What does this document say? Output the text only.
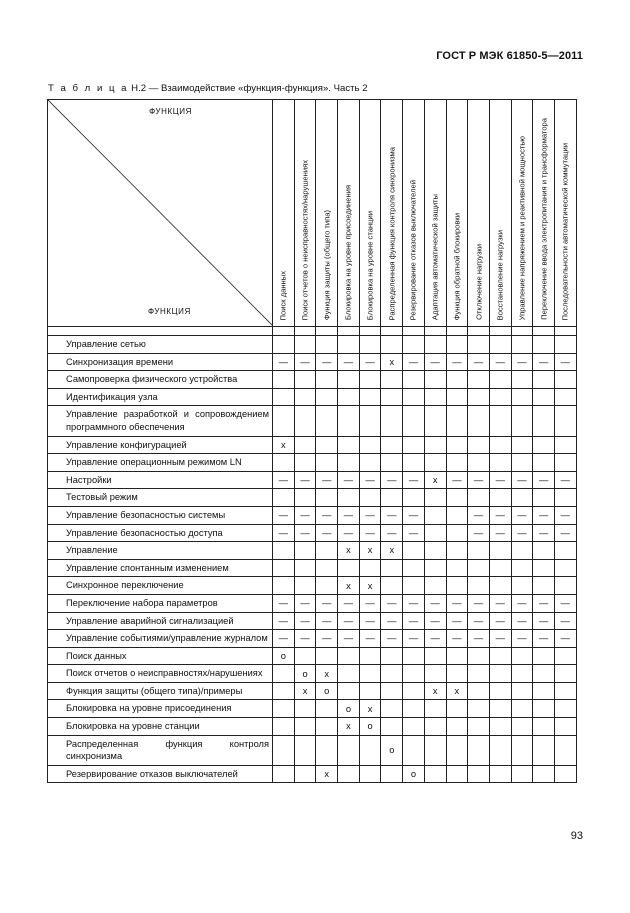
ГОСТ Р МЭК 61850-5—2011
Т а б л и ц а Н.2 — Взаимодействие «функция-функция». Часть 2
ФУНКЦИЯ
ФУНКЦИЯ	Поиск данных	Поиск отчетов о неисправностях/нарушениях	Функция защиты (общего типа)	Блокировка на уровне присоединения	Блокировка на уровне станции	Распределенная функция контроля синхронизма	Резервирование отказов выключателей	Адаптация автоматической защиты	Функция обратной блокировки	Отключение нагрузки	Восстановление нагрузки	Управление напряжением и реактивной мощностью	Переключение ввода электропитания и трансформатора	Последовательности автоматической коммутации

Управление сетью														
Синхронизация времени	—	—	—	—	—	x	—	—	—	—	—	—	—	—
Самопроверка физического устройства														
Идентификация узла														
Управление разработкой и сопровождением программного обеспечения														
Управление конфигурацией	x													
Управление операционным режимом LN														
Настройки	—	—	—	—	—	—	—	x	—	—	—	—	—	—
Тестовый режим														
Управление безопасностью системы	—	—	—	—	—	—	—			—	—	—	—	—
Управление безопасностью доступа	—	—	—	—	—	—	—			—	—	—	—	—
Управление				x	x	x								
Управление спонтанным изменением														
Синхронное переключение				x	x									
Переключение набора параметров	—	—	—	—	—	—	—	—	—	—	—	—	—	—
Управление аварийной сигнализацией	—	—	—	—	—	—	—	—	—	—	—	—	—	—
Управление событиями/управление журналом	—	—	—	—	—	—	—	—	—	—	—	—	—	—
Поиск данных	o													
Поиск отчетов о неисправностях/нарушениях		o	x											
Функция защиты (общего типа)/примеры		x	o					x	x					
Блокировка на уровне присоединения				o	x									
Блокировка на уровне станции				x	o									
Распределенная функция контроля синхронизма						o								
Резервирование отказов выключателей			x				o							
93
